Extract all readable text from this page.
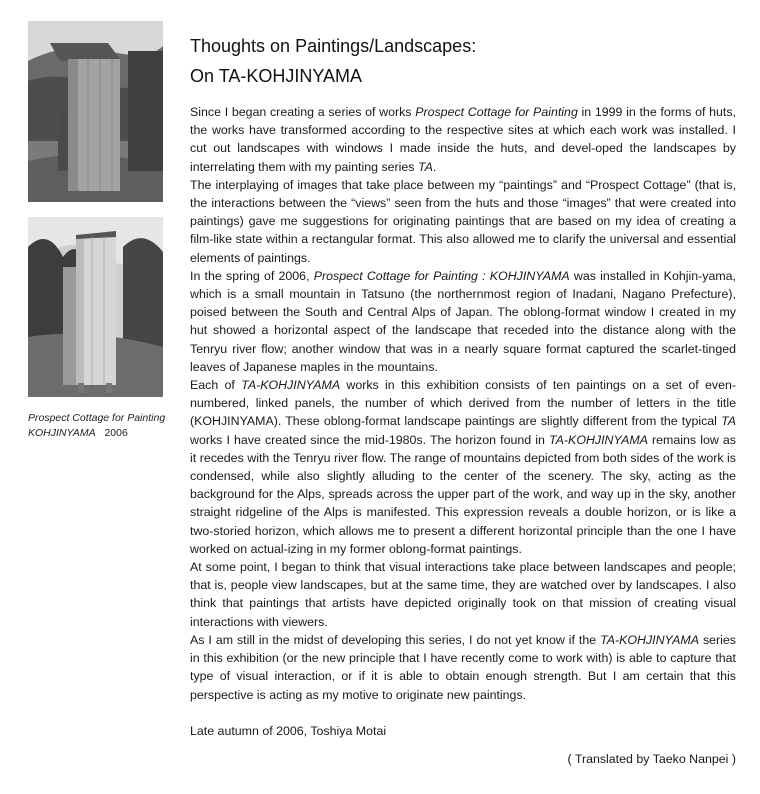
Prospect Cottage for Painting
KOHJINYAMA 2006
Thoughts on Paintings/Landscapes:
On TA-KOHJINYAMA

Since I began creating a series of works Prospect Cottage for Painting in 1999 in the forms of huts, the works have transformed according to the respective sites at which each work was installed. I cut out landscapes with windows I made inside the huts, and devel-oped the landscapes by interrelating them with my painting series TA.

The interplaying of images that take place between my “paintings” and “Prospect Cottage” (that is, the interactions between the “views” seen from the huts and those “images” that were created into paintings) gave me suggestions for originating paintings that are based on my idea of creating a film-like state within a rectangular format. This also allowed me to clarify the universal and essential elements of paintings.

In the spring of 2006, Prospect Cottage for Painting : KOHJINYAMA was installed in Kohjin-yama, which is a small mountain in Tatsuno (the northernmost region of Inadani, Nagano Prefecture), poised between the South and Central Alps of Japan. The oblong-format window I created in my hut showed a horizontal aspect of the landscape that receded into the distance along with the Tenryu river flow; another window that was in a nearly square format captured the scarlet-tinged leaves of Japanese maples in the mountains.

Each of TA-KOHJINYAMA works in this exhibition consists of ten paintings on a set of even-numbered, linked panels, the number of which derived from the number of letters in the title (KOHJINYAMA). These oblong-format landscape paintings are slightly different from the typical TA works I have created since the mid-1980s. The horizon found in TA-KOHJINYAMA remains low as it recedes with the Tenryu river flow. The range of mountains depicted from both sides of the work is condensed, while also slightly alluding to the center of the scenery. The sky, acting as the background for the Alps, spreads across the upper part of the work, and way up in the sky, another straight ridgeline of the Alps is manifested. This expression reveals a double horizon, or is like a two-storied horizon, which allows me to present a different horizontal principle than the one I have worked on actual-izing in my former oblong-format paintings.

At some point, I began to think that visual interactions take place between landscapes and people; that is, people view landscapes, but at the same time, they are watched over by landscapes. I also think that paintings that artists have depicted originally took on that mission of creating visual interactions with viewers.

As I am still in the midst of developing this series, I do not yet know if the TA-KOHJINYAMA series in this exhibition (or the new principle that I have recently come to work with) is able to capture that type of visual interaction, or if it is able to obtain enough strength. But I am certain that this perspective is acting as my motive to originate new paintings.

Late autumn of 2006, Toshiya Motai

( Translated by Taeko Nanpei )
